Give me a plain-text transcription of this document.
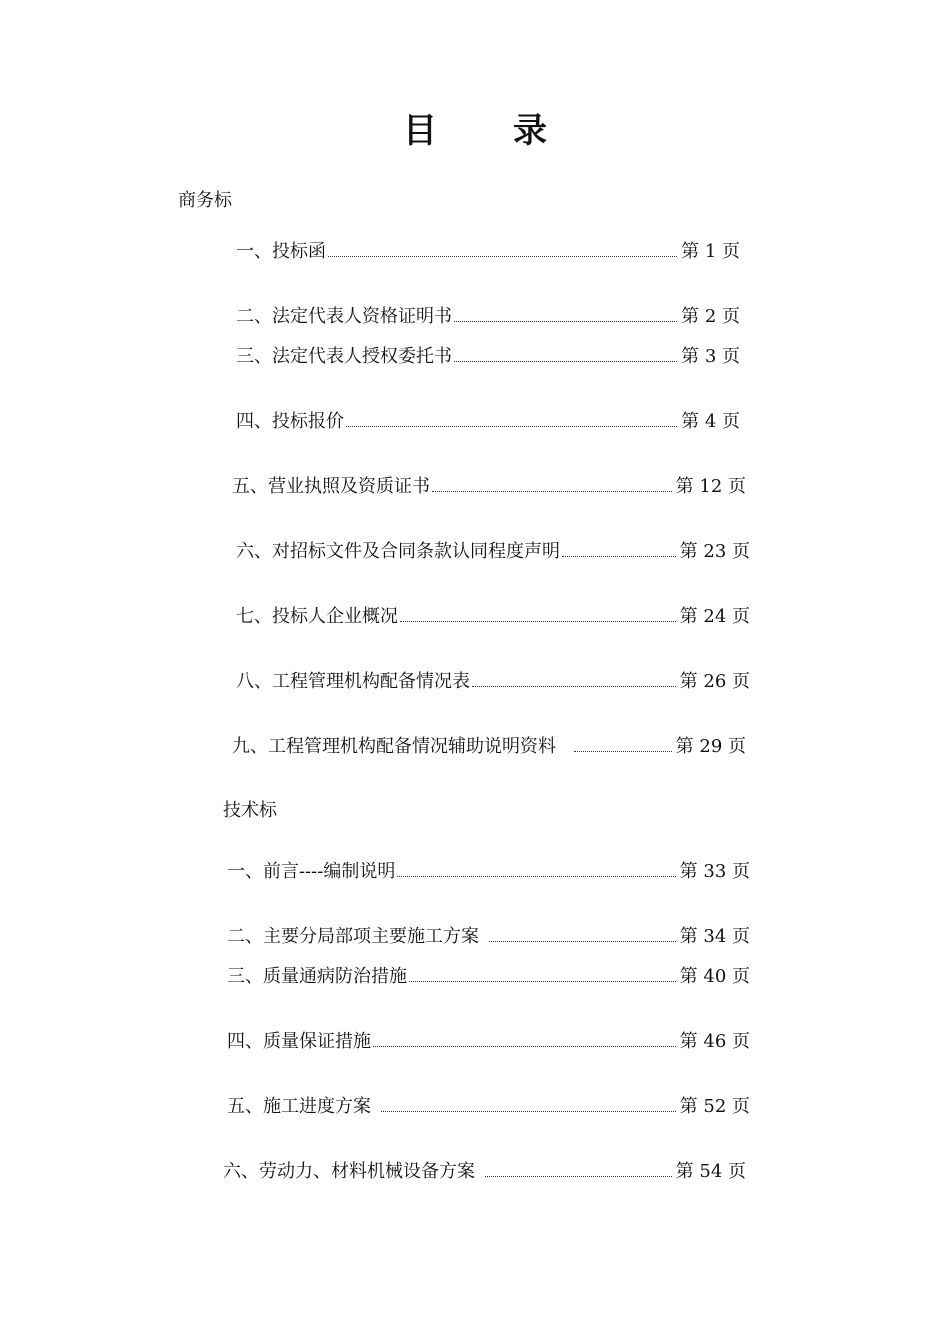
目 录
商务标
一、投标函	第 1 页
二、法定代表人资格证明书	第 2 页
三、法定代表人授权委托书	第 3 页
四、投标报价	第 4 页
五、营业执照及资质证书	第 12 页
六、对招标文件及合同条款认同程度声明	第 23 页
七、投标人企业概况	第 24 页
八、工程管理机构配备情况表	第 26 页
九、工程管理机构配备情况辅助说明资料	第 29 页
技术标
一、前言----编制说明	第 33 页
二、主要分局部项主要施工方案	第 34 页
三、质量通病防治措施	第 40 页
四、质量保证措施	第 46 页
五、施工进度方案	第 52 页
六、劳动力、材料机械设备方案	第 54 页
